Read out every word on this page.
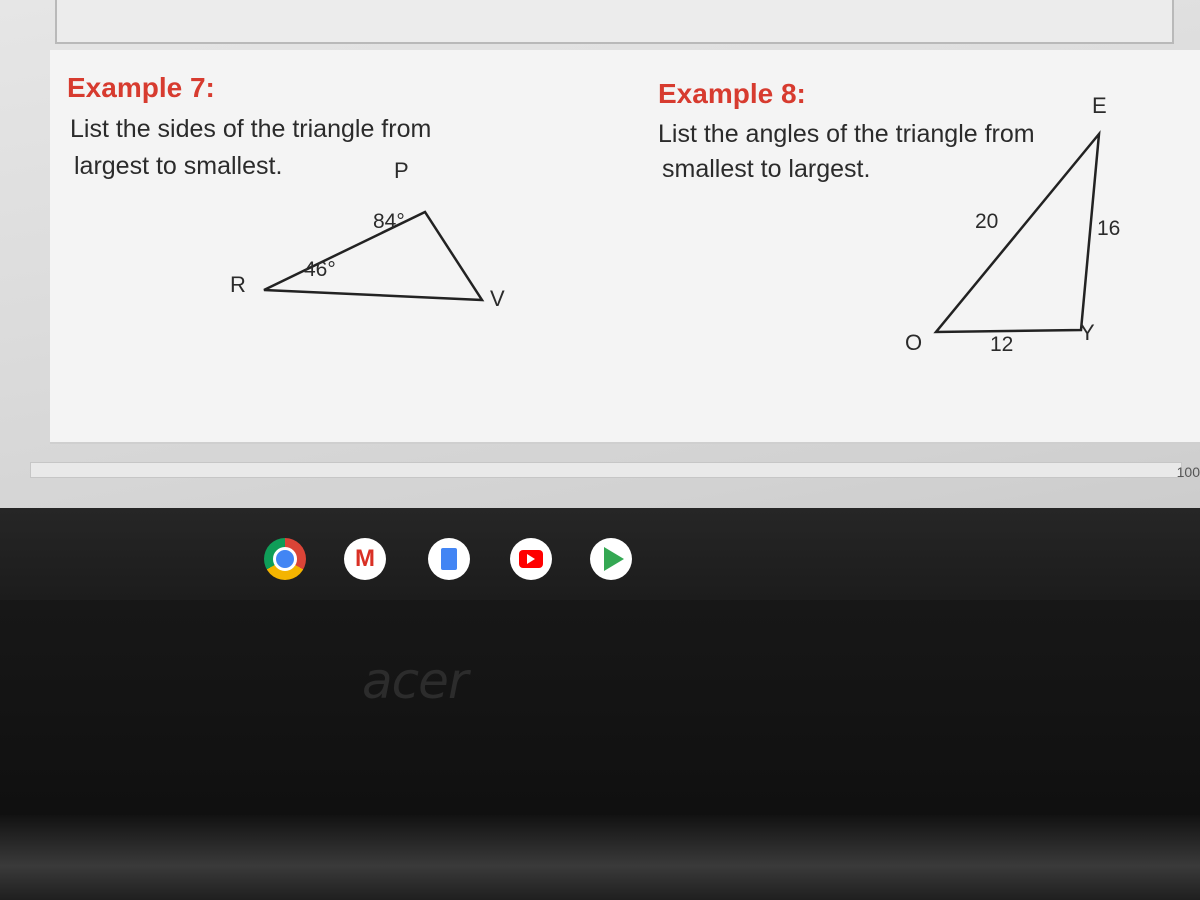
Example 7:
List the sides of the triangle from
largest to smallest.	P
R
V
84°
46°
Example 8:
List the angles of the triangle from
smallest to largest.
E
O	Y
20	16
12
100
M
acer
